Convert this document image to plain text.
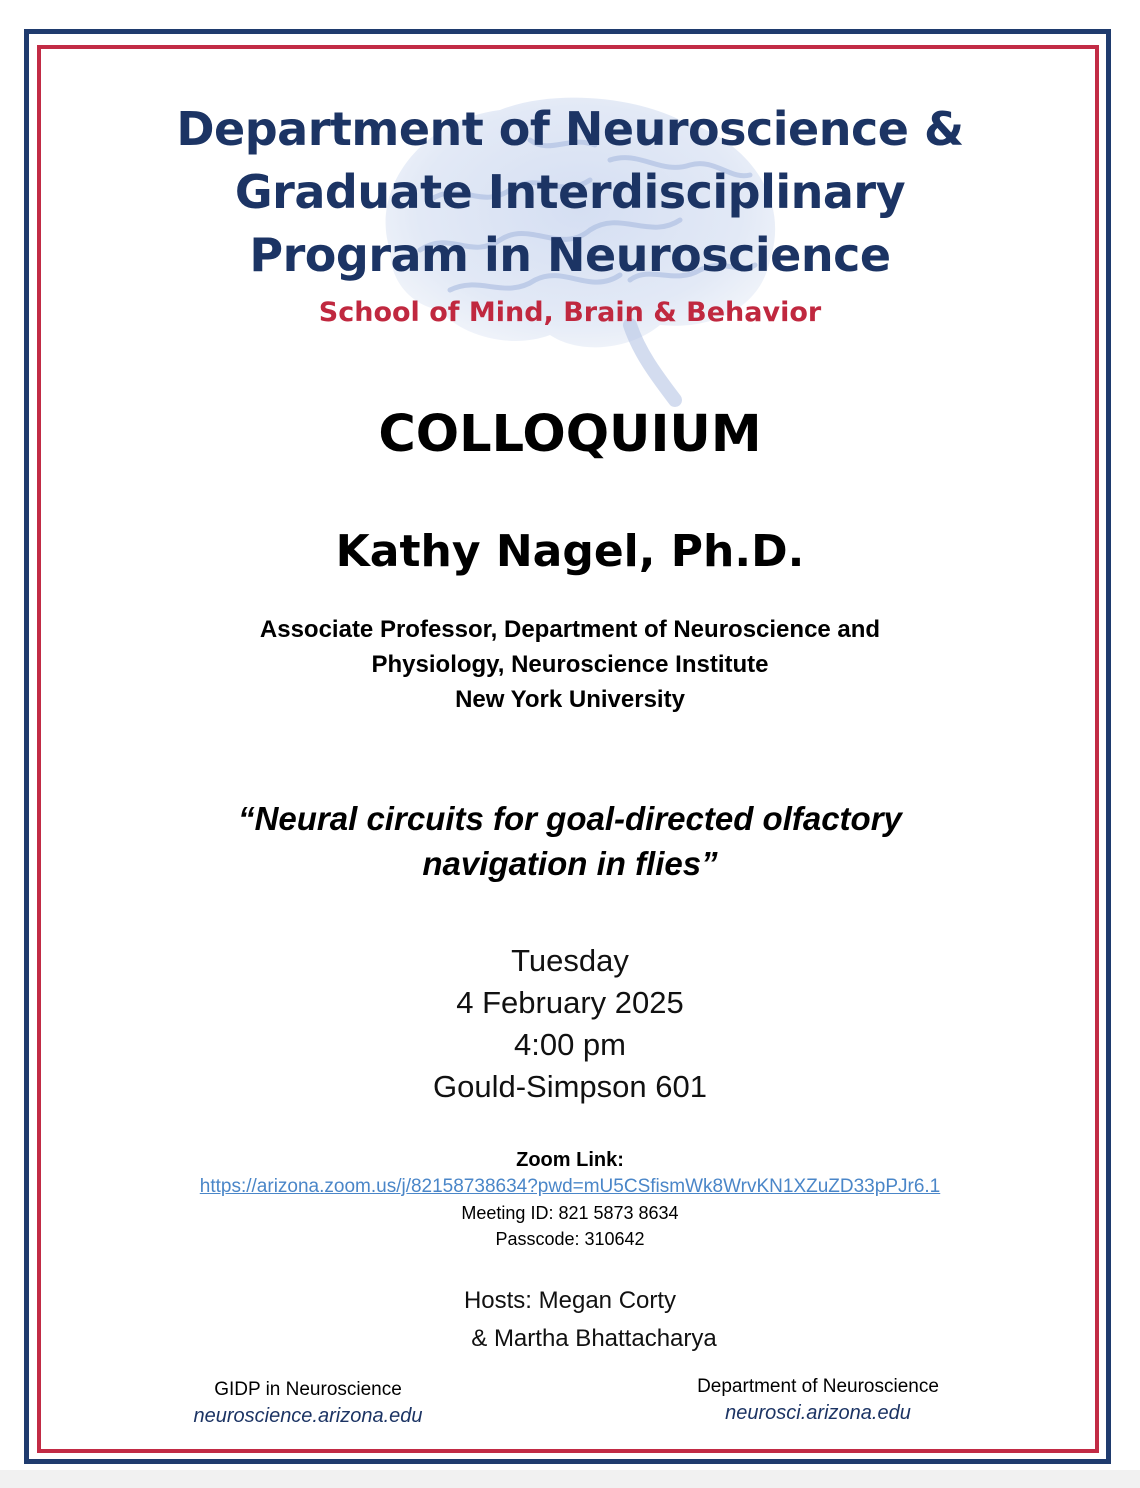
Department of Neuroscience &
Graduate Interdisciplinary
Program in Neuroscience
School of Mind, Brain & Behavior
COLLOQUIUM
Kathy Nagel, Ph.D.
Associate Professor, Department of Neuroscience and
Physiology, Neuroscience Institute
New York University
“Neural circuits for goal-directed olfactory
navigation in flies”
Tuesday
4 February 2025
4:00 pm
Gould-Simpson 601
Zoom Link:
https://arizona.zoom.us/j/82158738634?pwd=mU5CSfismWk8WrvKN1XZuZD33pPJr6.1
Meeting ID: 821 5873 8634
Passcode: 310642
Hosts: Megan Corty
& Martha Bhattacharya
GIDP in Neuroscience
neuroscience.arizona.edu
Department of Neuroscience
neurosci.arizona.edu
